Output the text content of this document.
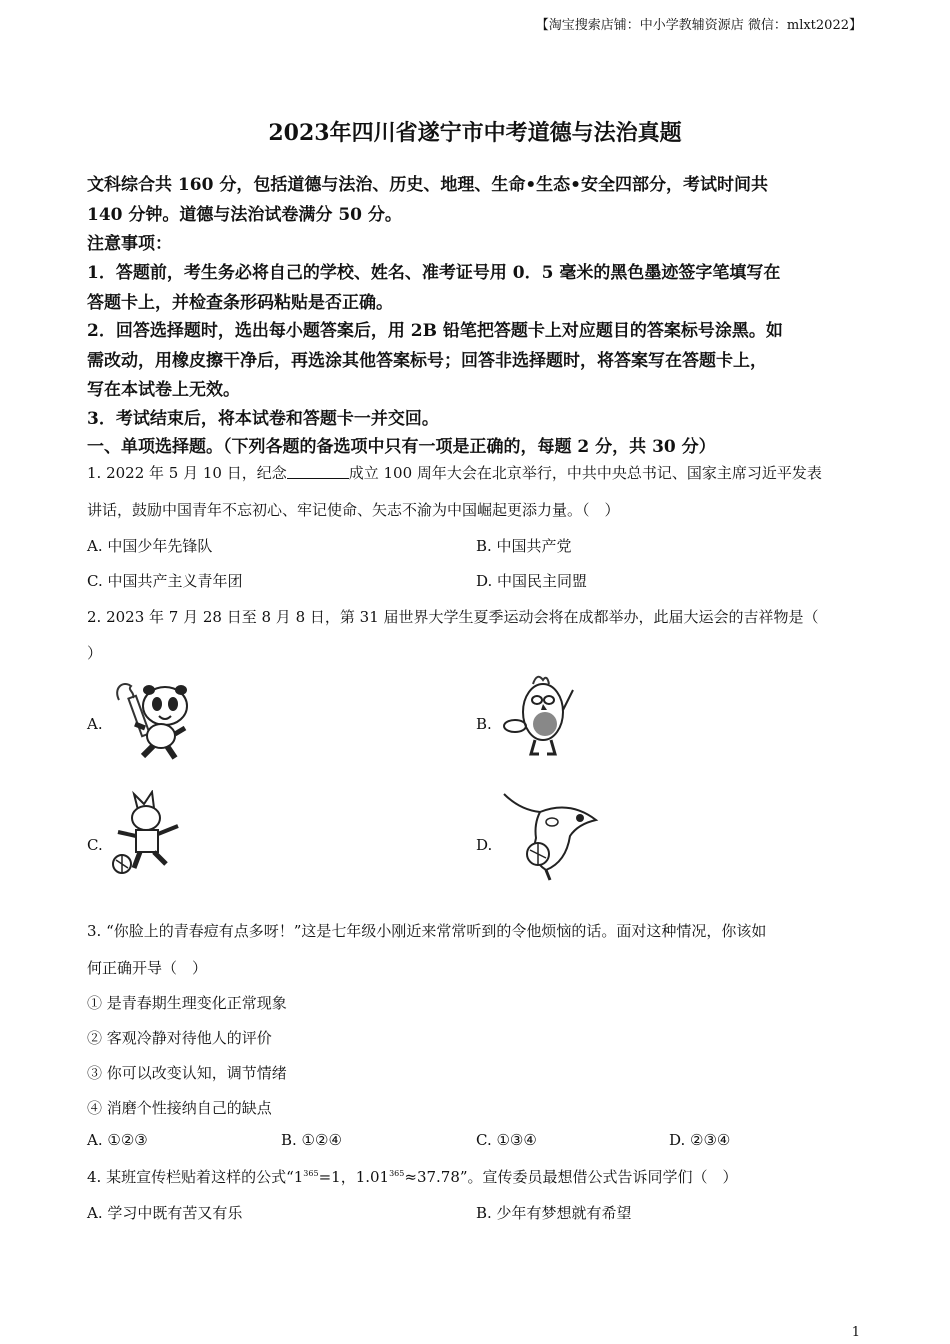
【淘宝搜索店铺：中小学教辅资源店 微信：mlxt2022】
2023年四川省遂宁市中考道德与法治真题
文科综合共 160 分，包括道德与法治、历史、地理、生命•生态•安全四部分，考试时间共
140 分钟。道德与法治试卷满分 50 分。
注意事项：
1．答题前，考生务必将自己的学校、姓名、准考证号用 0．5 毫米的黑色墨迹签字笔填写在
答题卡上，并检查条形码粘贴是否正确。
2．回答选择题时，选出每小题答案后，用 2B 铅笔把答题卡上对应题目的答案标号涂黑。如
需改动，用橡皮擦干净后，再选涂其他答案标号；回答非选择题时，将答案写在答题卡上，
写在本试卷上无效。
3．考试结束后，将本试卷和答题卡一并交回。
一、单项选择题。（下列各题的备选项中只有一项是正确的，每题 2 分，共 30 分）
1. 2022 年 5 月 10 日，纪念	成立 100 周年大会在北京举行，中共中央总书记、国家主席习近平发表
讲话，鼓励中国青年不忘初心、牢记使命、矢志不渝为中国崛起更添力量。（　）
A. 中国少年先锋队	B. 中国共产党
C. 中国共产主义青年团	D. 中国民主同盟
2. 2023 年 7 月 28 日至 8 月 8 日，第 31 届世界大学生夏季运动会将在成都举办，此届大运会的吉祥物是（
）
A.	B.
C.	D.
3. “你脸上的青春痘有点多呀！”这是七年级小刚近来常常听到的令他烦恼的话。面对这种情况，你该如
何正确开导（　）
① 是青春期生理变化正常现象
② 客观冷静对待他人的评价
③ 你可以改变认知，调节情绪
④ 消磨个性接纳自己的缺点
A. ①②③	B. ①②④	C. ①③④	D. ②③④
4. 某班宣传栏贴着这样的公式“$1^{365}=1$，$1.01^{365}\approx 37.78$”。宣传委员最想借公式告诉同学们（　）
A. 学习中既有苦又有乐	B. 少年有梦想就有希望
1
